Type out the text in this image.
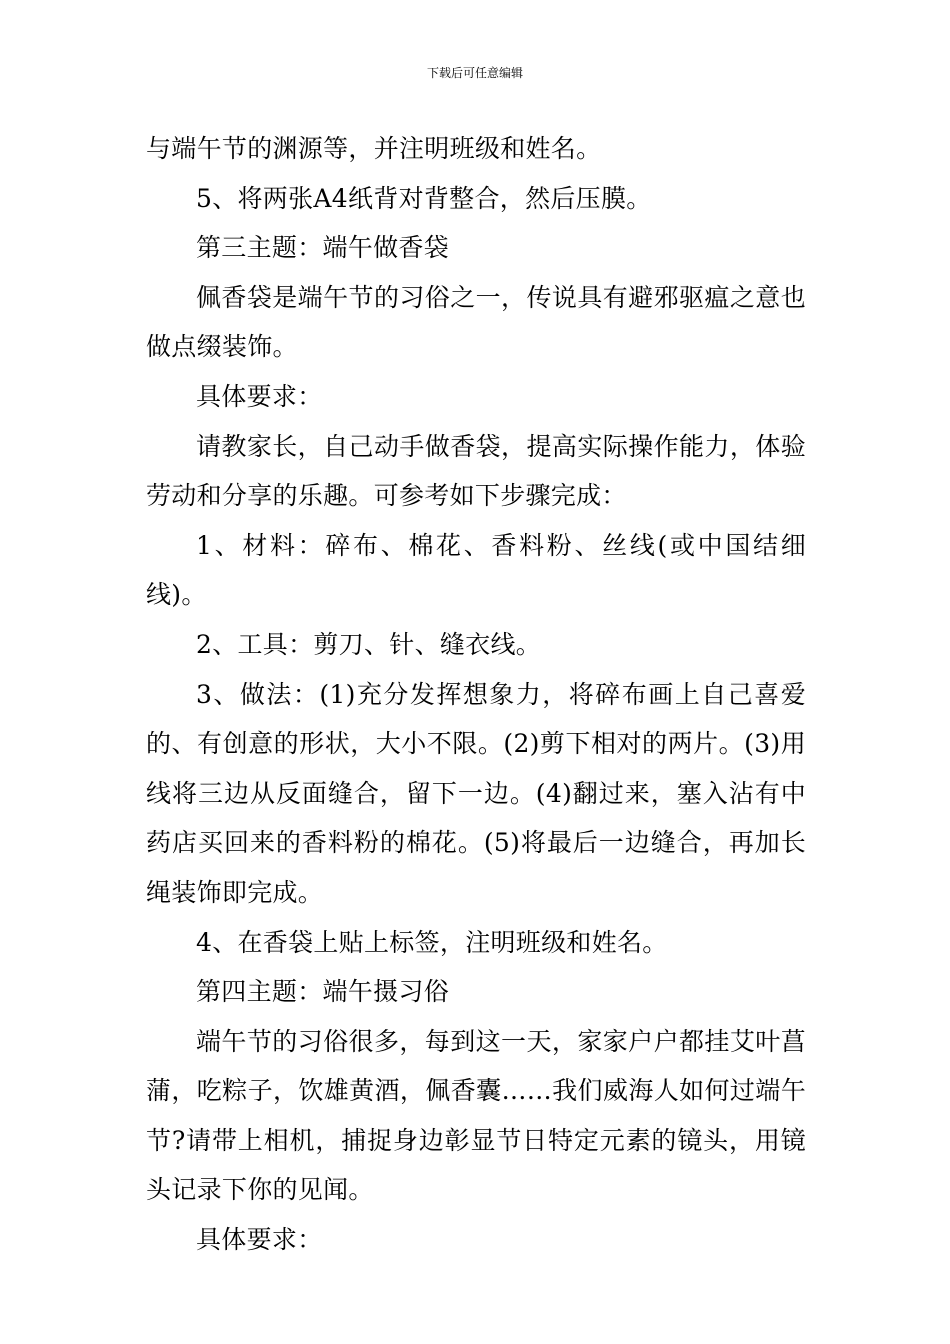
下载后可任意编辑

与端午节的渊源等，并注明班级和姓名。

5、将两张A4纸背对背整合，然后压膜。

第三主题：端午做香袋

佩香袋是端午节的习俗之一，传说具有避邪驱瘟之意也做点缀装饰。

具体要求：

请教家长，自己动手做香袋，提高实际操作能力，体验劳动和分享的乐趣。可参考如下步骤完成：

1、材料：碎布、棉花、香料粉、丝线(或中国结细线)。

2、工具：剪刀、针、缝衣线。

3、做法：(1)充分发挥想象力，将碎布画上自己喜爱的、有创意的形状，大小不限。(2)剪下相对的两片。(3)用线将三边从反面缝合，留下一边。(4)翻过来，塞入沾有中药店买回来的香料粉的棉花。(5)将最后一边缝合，再加长绳装饰即完成。

4、在香袋上贴上标签，注明班级和姓名。

第四主题：端午摄习俗

端午节的习俗很多，每到这一天，家家户户都挂艾叶菖蒲，吃粽子，饮雄黄酒，佩香囊……我们威海人如何过端午节?请带上相机，捕捉身边彰显节日特定元素的镜头，用镜头记录下你的见闻。

具体要求：
